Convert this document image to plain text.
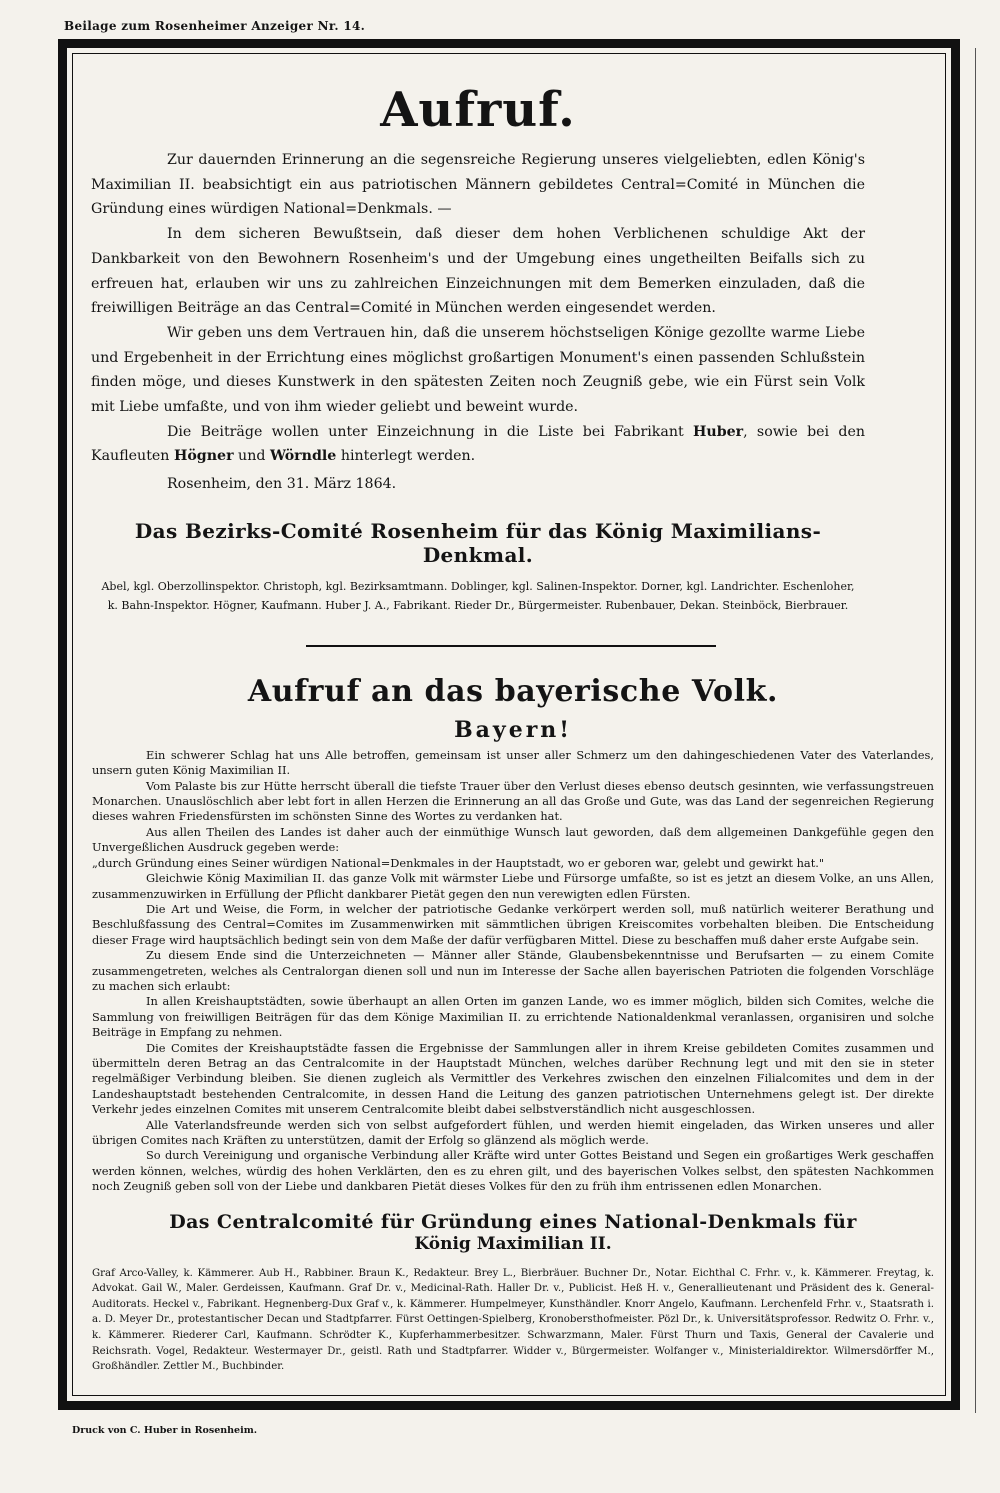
Beilage zum Rosenheimer Anzeiger Nr. 14.
Aufruf.

Zur dauernden Erinnerung an die segensreiche Regierung unseres vielgeliebten, edlen König's Maximilian II. beabsichtigt ein aus patriotischen Männern gebildetes Central=Comité in München die Gründung eines würdigen National=Denkmals. —

In dem sicheren Bewußtsein, daß dieser dem hohen Verblichenen schuldige Akt der Dankbarkeit von den Bewohnern Rosenheim's und der Umgebung eines ungetheilten Beifalls sich zu erfreuen hat, erlauben wir uns zu zahlreichen Einzeichnungen mit dem Bemerken einzuladen, daß die freiwilligen Beiträge an das Central=Comité in München werden eingesendet werden.

Wir geben uns dem Vertrauen hin, daß die unserem höchstseligen Könige gezollte warme Liebe und Ergebenheit in der Errichtung eines möglichst großartigen Monument's einen passenden Schlußstein finden möge, und dieses Kunstwerk in den spätesten Zeiten noch Zeugniß gebe, wie ein Fürst sein Volk mit Liebe umfaßte, und von ihm wieder geliebt und beweint wurde.

Die Beiträge wollen unter Einzeichnung in die Liste bei Fabrikant Huber, sowie bei den Kaufleuten Högner und Wörndle hinterlegt werden.

Rosenheim, den 31. März 1864.

Das Bezirks-Comité Rosenheim für das König Maximilians-Denkmal.

Abel, kgl. Oberzollinspektor. Christoph, kgl. Bezirksamtmann. Doblinger, kgl. Salinen-Inspektor. Dorner, kgl. Landrichter. Eschenloher, k. Bahn-Inspektor. Högner, Kaufmann. Huber J. A., Fabrikant. Rieder Dr., Bürgermeister. Rubenbauer, Dekan. Steinböck, Bierbrauer.

Aufruf an das bayerische Volk.
Bayern!

Ein schwerer Schlag hat uns Alle betroffen, gemeinsam ist unser aller Schmerz um den dahingeschiedenen Vater des Vaterlandes, unsern guten König Maximilian II.

Vom Palaste bis zur Hütte herrscht überall die tiefste Trauer über den Verlust dieses ebenso deutsch gesinnten, wie verfassungstreuen Monarchen. Unauslöschlich aber lebt fort in allen Herzen die Erinnerung an all das Große und Gute, was das Land der segenreichen Regierung dieses wahren Friedensfürsten im schönsten Sinne des Wortes zu verdanken hat.

Aus allen Theilen des Landes ist daher auch der einmüthige Wunsch laut geworden, daß dem allgemeinen Dankgefühle gegen den Unvergeßlichen Ausdruck gegeben werde:

„durch Gründung eines Seiner würdigen National=Denkmales in der Hauptstadt, wo er geboren war, gelebt und gewirkt hat."

Gleichwie König Maximilian II. das ganze Volk mit wärmster Liebe und Fürsorge umfaßte, so ist es jetzt an diesem Volke, an uns Allen, zusammenzuwirken in Erfüllung der Pflicht dankbarer Pietät gegen den nun verewigten edlen Fürsten.

Die Art und Weise, die Form, in welcher der patriotische Gedanke verkörpert werden soll, muß natürlich weiterer Berathung und Beschlußfassung des Central=Comites im Zusammenwirken mit sämmtlichen übrigen Kreiscomites vorbehalten bleiben. Die Entscheidung dieser Frage wird hauptsächlich bedingt sein von dem Maße der dafür verfügbaren Mittel. Diese zu beschaffen muß daher erste Aufgabe sein.

Zu diesem Ende sind die Unterzeichneten — Männer aller Stände, Glaubensbekenntnisse und Berufsarten — zu einem Comite zusammengetreten, welches als Centralorgan dienen soll und nun im Interesse der Sache allen bayerischen Patrioten die folgenden Vorschläge zu machen sich erlaubt:

In allen Kreishauptstädten, sowie überhaupt an allen Orten im ganzen Lande, wo es immer möglich, bilden sich Comites, welche die Sammlung von freiwilligen Beiträgen für das dem Könige Maximilian II. zu errichtende Nationaldenkmal veranlassen, organisiren und solche Beiträge in Empfang zu nehmen.

Die Comites der Kreishauptstädte fassen die Ergebnisse der Sammlungen aller in ihrem Kreise gebildeten Comites zusammen und übermitteln deren Betrag an das Centralcomite in der Hauptstadt München, welches darüber Rechnung legt und mit den sie in steter regelmäßiger Verbindung bleiben. Sie dienen zugleich als Vermittler des Verkehres zwischen den einzelnen Filialcomites und dem in der Landeshauptstadt bestehenden Centralcomite, in dessen Hand die Leitung des ganzen patriotischen Unternehmens gelegt ist. Der direkte Verkehr jedes einzelnen Comites mit unserem Centralcomite bleibt dabei selbstverständlich nicht ausgeschlossen.

Alle Vaterlandsfreunde werden sich von selbst aufgefordert fühlen, und werden hiemit eingeladen, das Wirken unseres und aller übrigen Comites nach Kräften zu unterstützen, damit der Erfolg so glänzend als möglich werde.

So durch Vereinigung und organische Verbindung aller Kräfte wird unter Gottes Beistand und Segen ein großartiges Werk geschaffen werden können, welches, würdig des hohen Verklärten, den es zu ehren gilt, und des bayerischen Volkes selbst, den spätesten Nachkommen noch Zeugniß geben soll von der Liebe und dankbaren Pietät dieses Volkes für den zu früh ihm entrissenen edlen Monarchen.

Das Centralcomité für Gründung eines National-Denkmals für
König Maximilian II.

Graf Arco-Valley, k. Kämmerer. Aub H., Rabbiner. Braun K., Redakteur. Brey L., Bierbräuer. Buchner Dr., Notar. Eichthal C. Frhr. v., k. Kämmerer. Freytag, k. Advokat. Gail W., Maler. Gerdeissen, Kaufmann. Graf Dr. v., Medicinal-Rath. Haller Dr. v., Publicist. Heß H. v., Generallieutenant und Präsident des k. General-Auditorats. Heckel v., Fabrikant. Hegnenberg-Dux Graf v., k. Kämmerer. Humpelmeyer, Kunsthändler. Knorr Angelo, Kaufmann. Lerchenfeld Frhr. v., Staatsrath i. a. D. Meyer Dr., protestantischer Decan und Stadtpfarrer. Fürst Oettingen-Spielberg, Kronobersthofmeister. Pözl Dr., k. Universitätsprofessor. Redwitz O. Frhr. v., k. Kämmerer. Riederer Carl, Kaufmann. Schrödter K., Kupferhammerbesitzer. Schwarzmann, Maler. Fürst Thurn und Taxis, General der Cavalerie und Reichsrath. Vogel, Redakteur. Westermayer Dr., geistl. Rath und Stadtpfarrer. Widder v., Bürgermeister. Wolfanger v., Ministerialdirektor. Wilmersdörffer M., Großhändler. Zettler M., Buchbinder.

Druck von C. Huber in Rosenheim.
